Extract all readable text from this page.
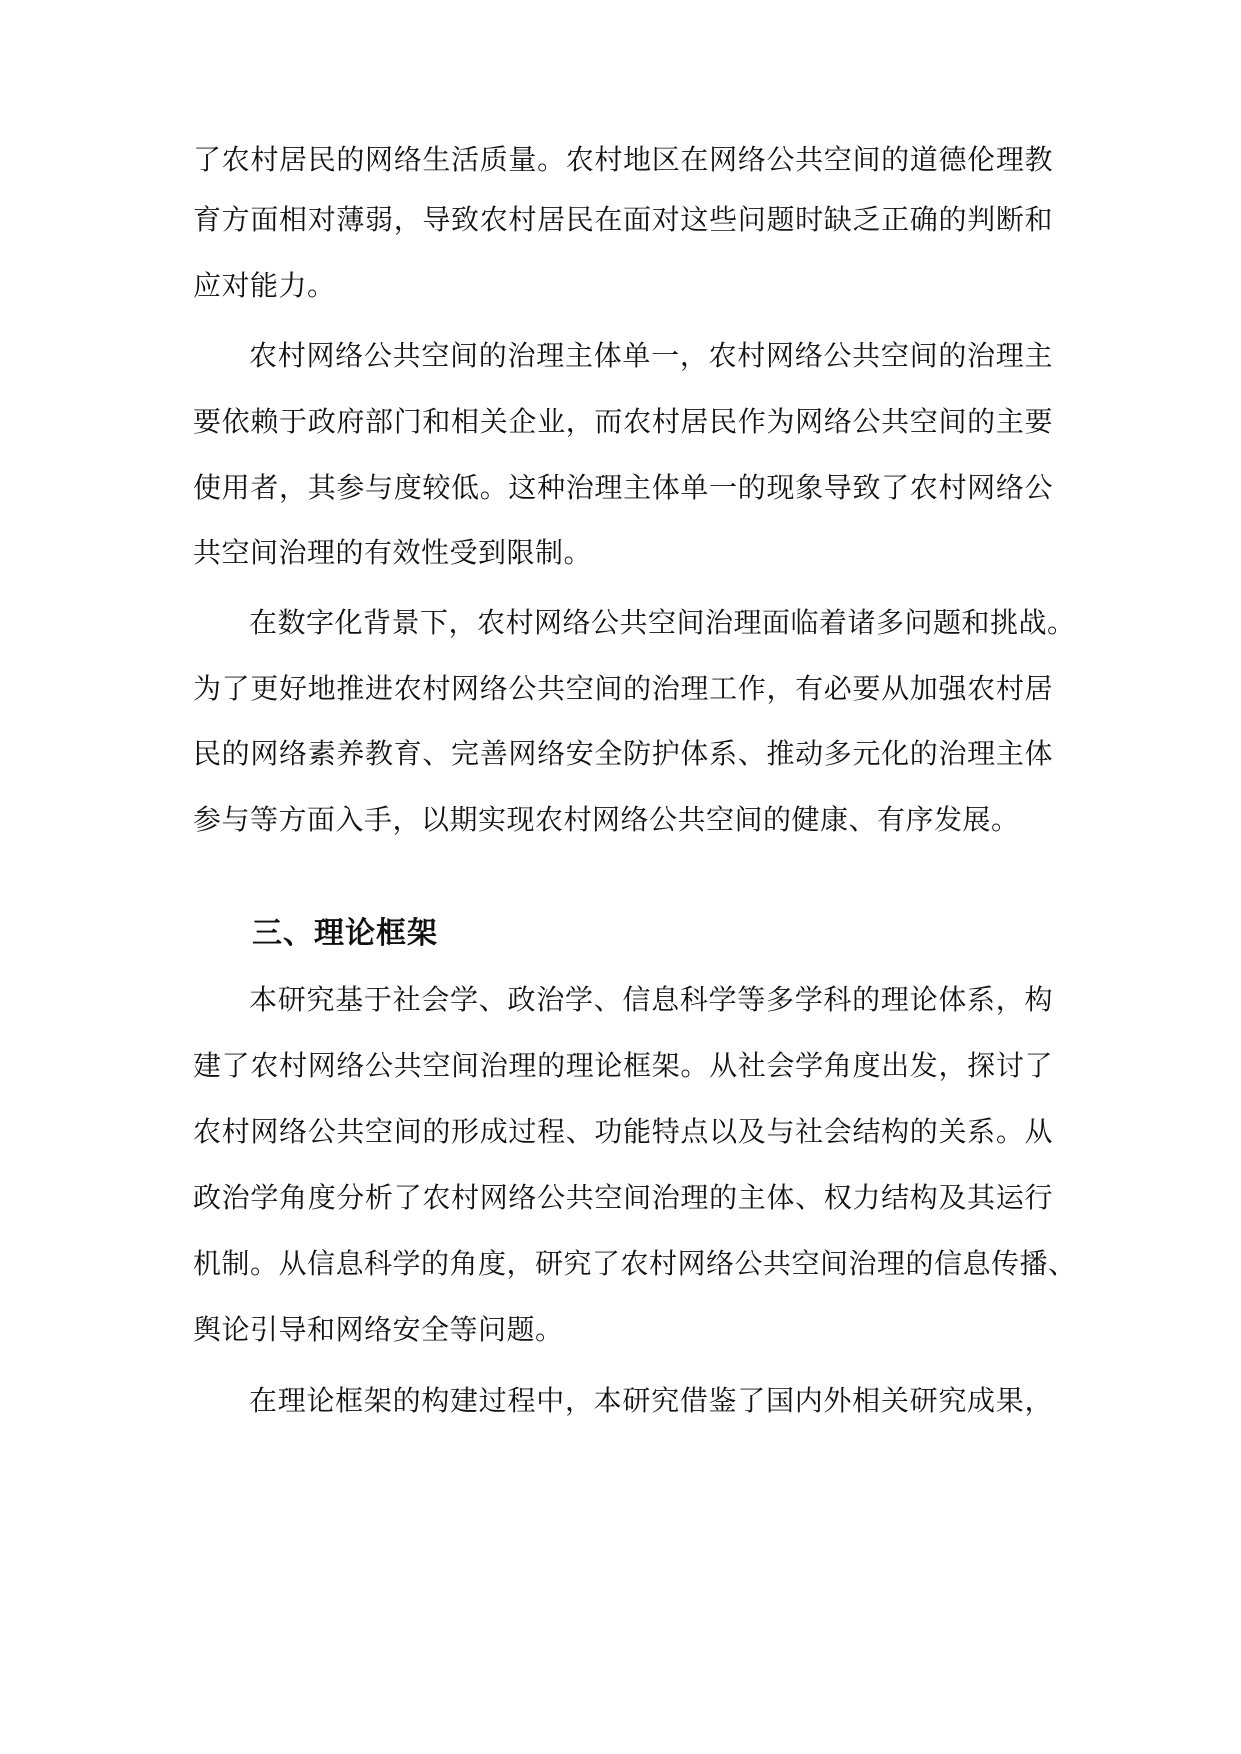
了农村居民的网络生活质量。农村地区在网络公共空间的道德伦理教
育方面相对薄弱，导致农村居民在面对这些问题时缺乏正确的判断和
应对能力。
农村网络公共空间的治理主体单一，农村网络公共空间的治理主
要依赖于政府部门和相关企业，而农村居民作为网络公共空间的主要
使用者，其参与度较低。这种治理主体单一的现象导致了农村网络公
共空间治理的有效性受到限制。
在数字化背景下，农村网络公共空间治理面临着诸多问题和挑战。
为了更好地推进农村网络公共空间的治理工作，有必要从加强农村居
民的网络素养教育、完善网络安全防护体系、推动多元化的治理主体
参与等方面入手，以期实现农村网络公共空间的健康、有序发展。
三、理论框架
本研究基于社会学、政治学、信息科学等多学科的理论体系，构
建了农村网络公共空间治理的理论框架。从社会学角度出发，探讨了
农村网络公共空间的形成过程、功能特点以及与社会结构的关系。从
政治学角度分析了农村网络公共空间治理的主体、权力结构及其运行
机制。从信息科学的角度，研究了农村网络公共空间治理的信息传播、
舆论引导和网络安全等问题。
在理论框架的构建过程中，本研究借鉴了国内外相关研究成果，
